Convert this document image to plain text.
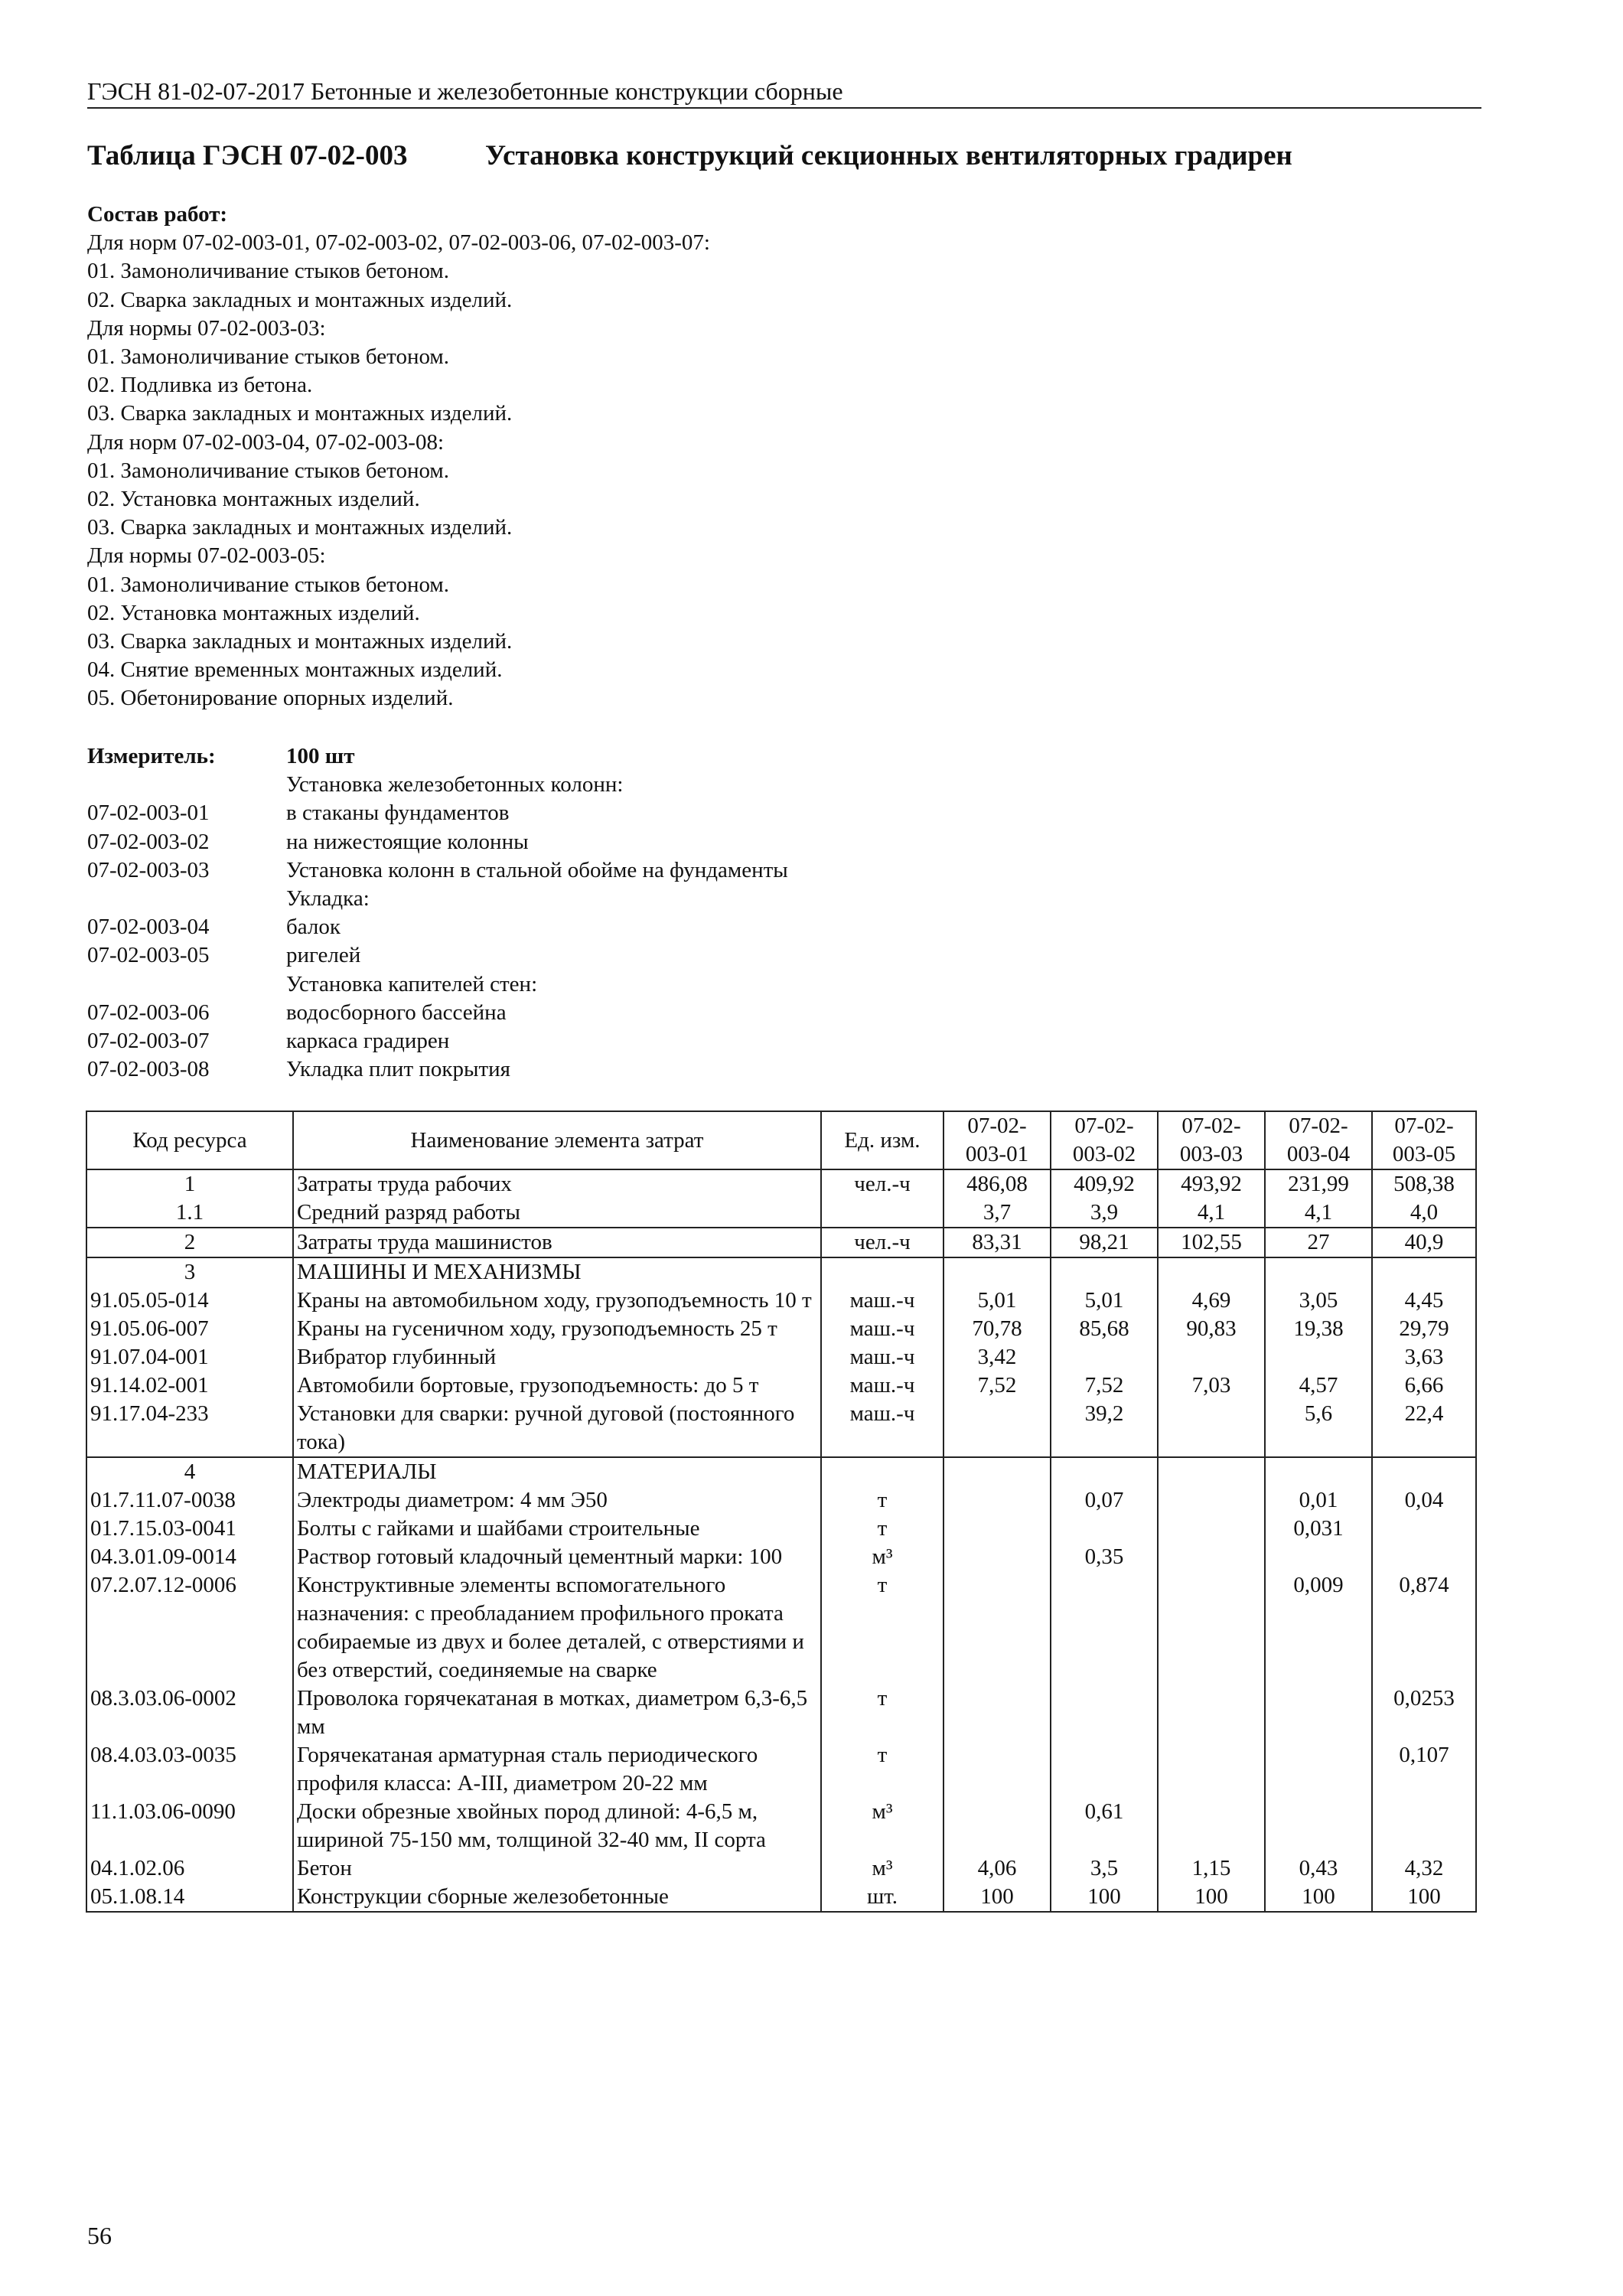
ГЭСН 81-02-07-2017 Бетонные и железобетонные конструкции сборные
Таблица ГЭСН 07-02-003	Установка конструкций секционных вентиляторных градирен
Состав работ:
Для норм 07-02-003-01, 07-02-003-02, 07-02-003-06, 07-02-003-07:
01. Замоноличивание стыков бетоном.
02. Сварка закладных и монтажных изделий.
Для нормы 07-02-003-03:
01. Замоноличивание стыков бетоном.
02. Подливка из бетона.
03. Сварка закладных и монтажных изделий.
Для норм 07-02-003-04, 07-02-003-08:
01. Замоноличивание стыков бетоном.
02. Установка монтажных изделий.
03. Сварка закладных и монтажных изделий.
Для нормы 07-02-003-05:
01. Замоноличивание стыков бетоном.
02. Установка монтажных изделий.
03. Сварка закладных и монтажных изделий.
04. Снятие временных монтажных изделий.
05. Обетонирование опорных изделий.
Измеритель:	100 шт
Установка железобетонных колонн:
07-02-003-01	в стаканы фундаментов
07-02-003-02	на нижестоящие колонны
07-02-003-03	Установка колонн в стальной обойме на фундаменты
Укладка:
07-02-003-04	балок
07-02-003-05	ригелей
Установка капителей стен:
07-02-003-06	водосборного бассейна
07-02-003-07	каркаса градирен
07-02-003-08	Укладка плит покрытия
Код ресурса	Наименование элемента затрат	Ед. изм.	07-02-
003-01	07-02-
003-02	07-02-
003-03	07-02-
003-04	07-02-
003-05
1	Затраты труда рабочих	чел.-ч	486,08	409,92	493,92	231,99	508,38
1.1	Средний разряд работы		3,7	3,9	4,1	4,1	4,0
2	Затраты труда машинистов	чел.-ч	83,31	98,21	102,55	27	40,9
3	МАШИНЫ И МЕХАНИЗМЫ						
91.05.05-014	Краны на автомобильном ходу, грузоподъемность 10 т	маш.-ч	5,01	5,01	4,69	3,05	4,45
91.05.06-007	Краны на гусеничном ходу, грузоподъемность 25 т	маш.-ч	70,78	85,68	90,83	19,38	29,79
91.07.04-001	Вибратор глубинный	маш.-ч	3,42				3,63
91.14.02-001	Автомобили бортовые, грузоподъемность: до 5 т	маш.-ч	7,52	7,52	7,03	4,57	6,66
91.17.04-233	Установки для сварки: ручной дуговой (постоянного тока)	маш.-ч		39,2		5,6	22,4
4	МАТЕРИАЛЫ						
01.7.11.07-0038	Электроды диаметром: 4 мм Э50	т		0,07		0,01	0,04
01.7.15.03-0041	Болты с гайками и шайбами строительные	т				0,031	
04.3.01.09-0014	Раствор готовый кладочный цементный марки: 100	м³		0,35			
07.2.07.12-0006	Конструктивные элементы вспомогательного назначения: с преобладанием профильного проката собираемые из двух и более деталей, с отверстиями и без отверстий, соединяемые на сварке	т				0,009	0,874
08.3.03.06-0002	Проволока горячекатаная в мотках, диаметром 6,3-6,5 мм	т					0,0253
08.4.03.03-0035	Горячекатаная арматурная сталь периодического профиля класса: А-III, диаметром 20-22 мм	т					0,107
11.1.03.06-0090	Доски обрезные хвойных пород длиной: 4-6,5 м, шириной 75-150 мм, толщиной 32-40 мм, II сорта	м³		0,61			
04.1.02.06	Бетон	м³	4,06	3,5	1,15	0,43	4,32
05.1.08.14	Конструкции сборные железобетонные	шт.	100	100	100	100	100
56
